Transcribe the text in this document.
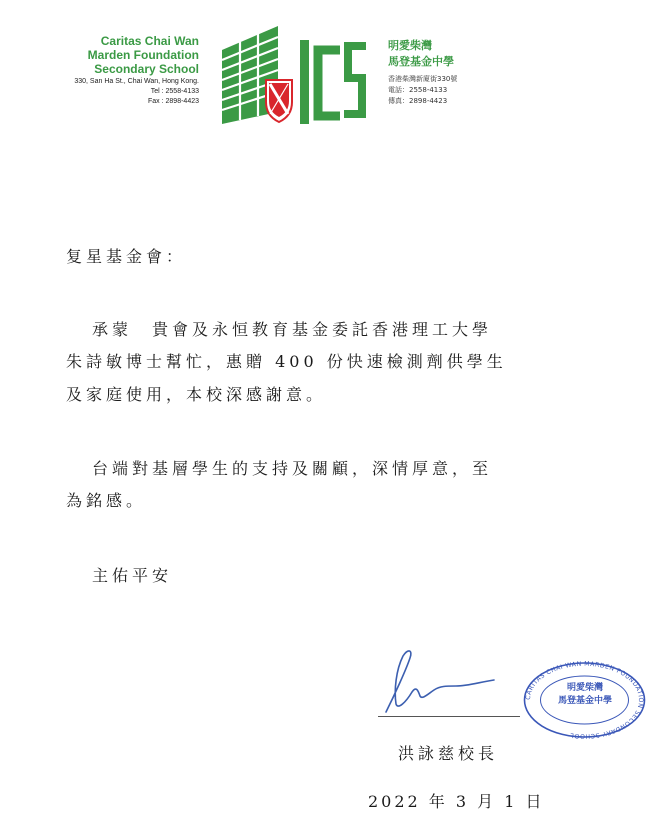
Caritas Chai Wan
Marden Foundation
Secondary School
330, San Ha St., Chai Wan, Hong Kong.
Tel : 2558-4133
Fax : 2898-4423
明愛柴灣
馬登基金中學
香港柴灣新廈街330號
電話：2558-4133
傳真：2898-4423
复星基金會：
承蒙　貴會及永恒教育基金委託香港理工大學
朱詩敏博士幫忙，惠贈 400 份快速檢測劑供學生
及家庭使用，本校深感謝意。
台端對基層學生的支持及關顧，深情厚意，至
為銘感。
主佑平安
洪詠慈校長
2022 年 3 月 1 日
CARITAS CHAI WAN MARDEN FOUNDATION SECONDARY SCHOOL
明愛柴灣
馬登基金中學
